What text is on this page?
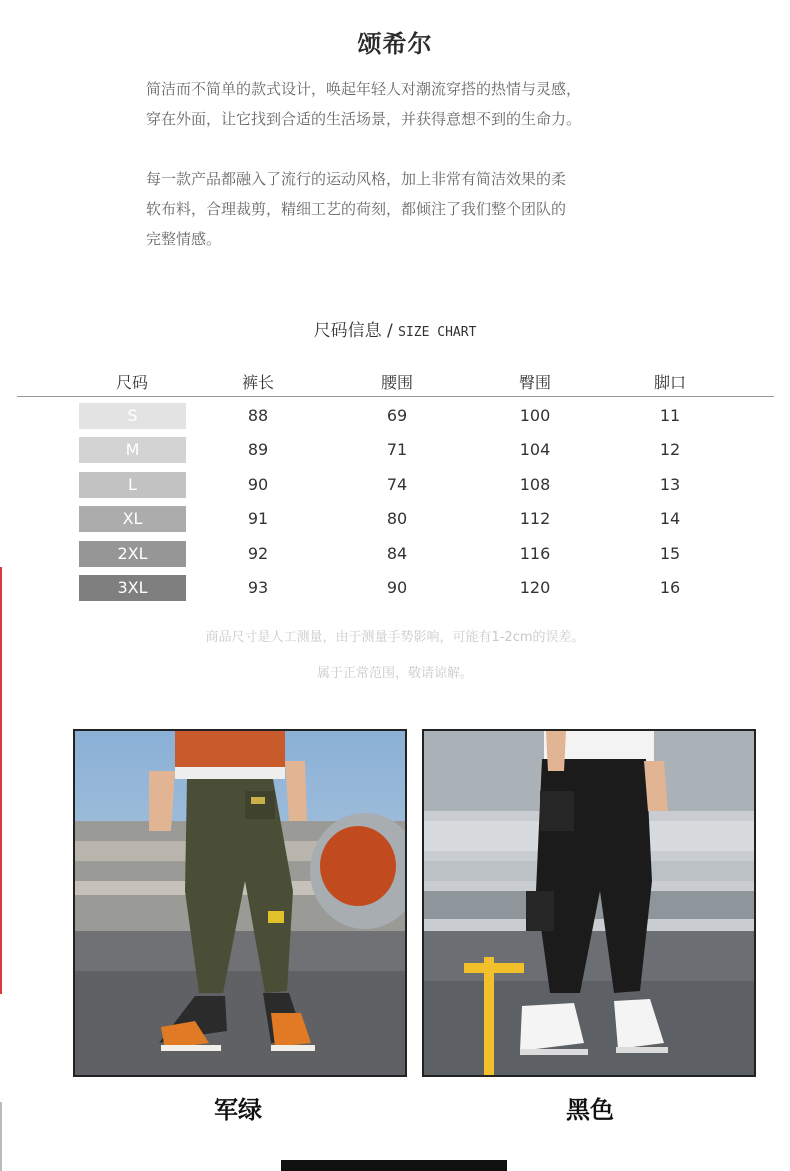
颂希尔
简洁而不简单的款式设计，唤起年轻人对潮流穿搭的热情与灵感，
穿在外面，让它找到合适的生活场景，并获得意想不到的生命力。
每一款产品都融入了流行的运动风格，加上非常有简洁效果的柔
软布料，合理裁剪，精细工艺的荷刻，都倾注了我们整个团队的
完整情感。
尺码信息 / SIZE CHART
尺码	裤长	腰围	臀围	脚口
S	88	69	100	11
M	89	71	104	12
L	90	74	108	13
XL	91	80	112	14
2XL	92	84	116	15
3XL	93	90	120	16
商品尺寸是人工测量，由于测量手势影响，可能有1-2cm的误差。
属于正常范围，敬请谅解。
军绿	黑色
